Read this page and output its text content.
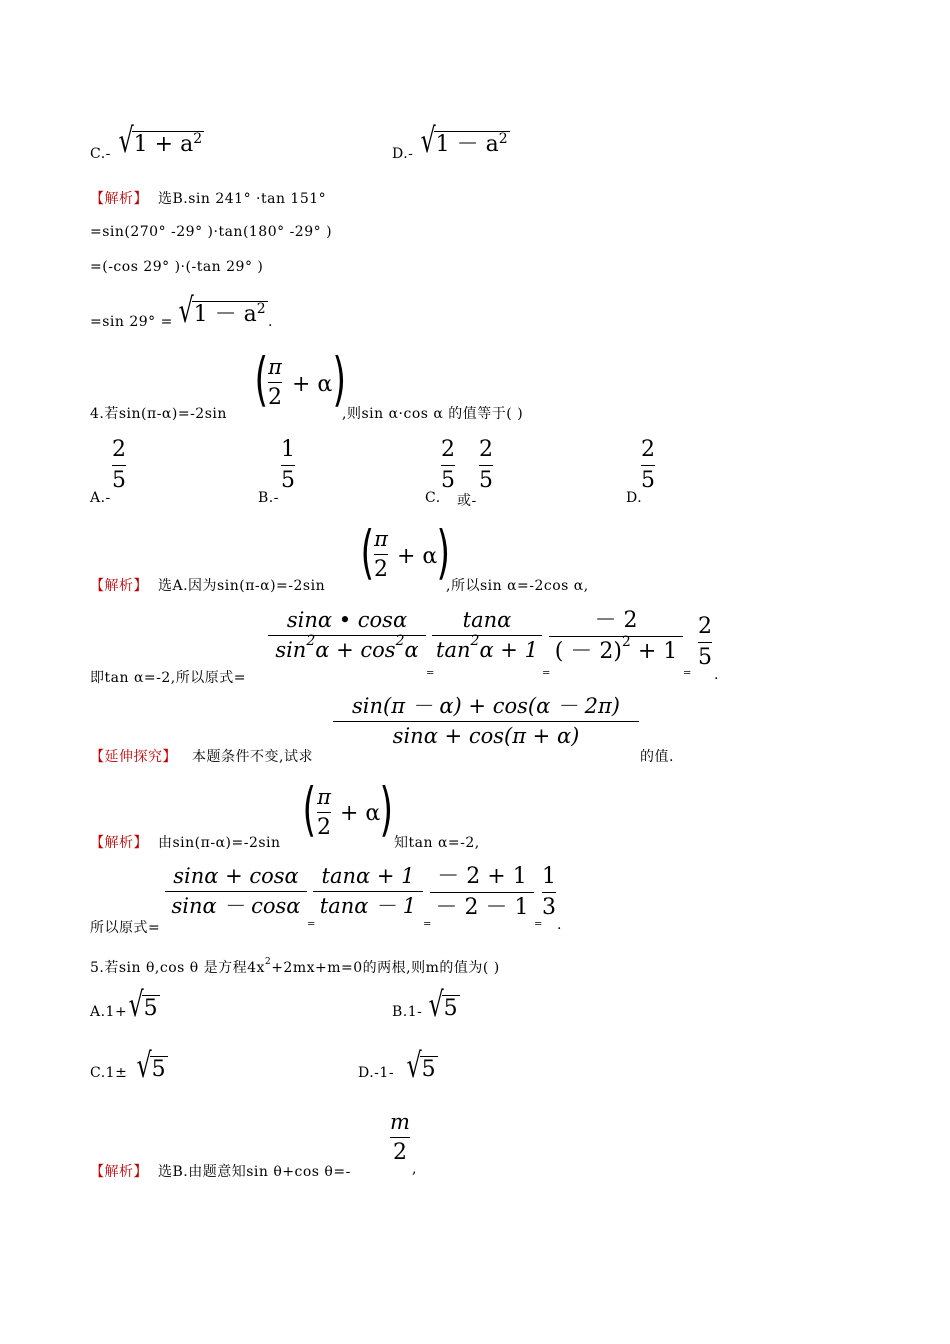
C.- √ $1 + a^2$
D.- √ $1 - a^2$
【解析】 选B.sin 241° ·tan 151°
=sin(270° -29° )·tan(180° -29° )
=(-cos 29° )·(-tan 29° )
=sin 29° = √ $1 - a^2$
.
4.若sin(π-α)=-2sin
( π
2
+ α )
,则sin α·cos α 的值等于( )
A.-
2
5
B.-
1
5
C.
2
5
或-
2
5
D.
2
5
【解析】 选A.因为sin(π-α)=-2sin ( π
2
+ α )
,所以sin α=-2cos α,
即tan α=-2,所以原式=
sinα • cosα
$\sin^2\alpha + \cos^2\alpha$
=
tanα
$\tan^2\alpha + 1$
=
－ 2
( － 2)$^2$ + 1
=
2
5
.
【延伸探究】 本题条件不变,试求
sin(π － α) + cos(α － 2π)
sinα + cos(π + α)
的值.
【解析】 由sin(π-α)=-2sin ( π
2
+ α ) 知tan α=-2,
所以原式=
sinα + cosα
sinα － cosα
=
tanα + 1
tanα － 1
=
－ 2 + 1
－ 2 － 1
=
1
3
.
5.若sin θ,cos θ 是方程$4x^2+2mx+m=0$的两根,则m的值为( )
A.1+ √ 5	B.1- √ 5
C.1± √ 5	D.-1- √ 5
【解析】 选B.由题意知sin θ+cos θ=-
m
2
,
